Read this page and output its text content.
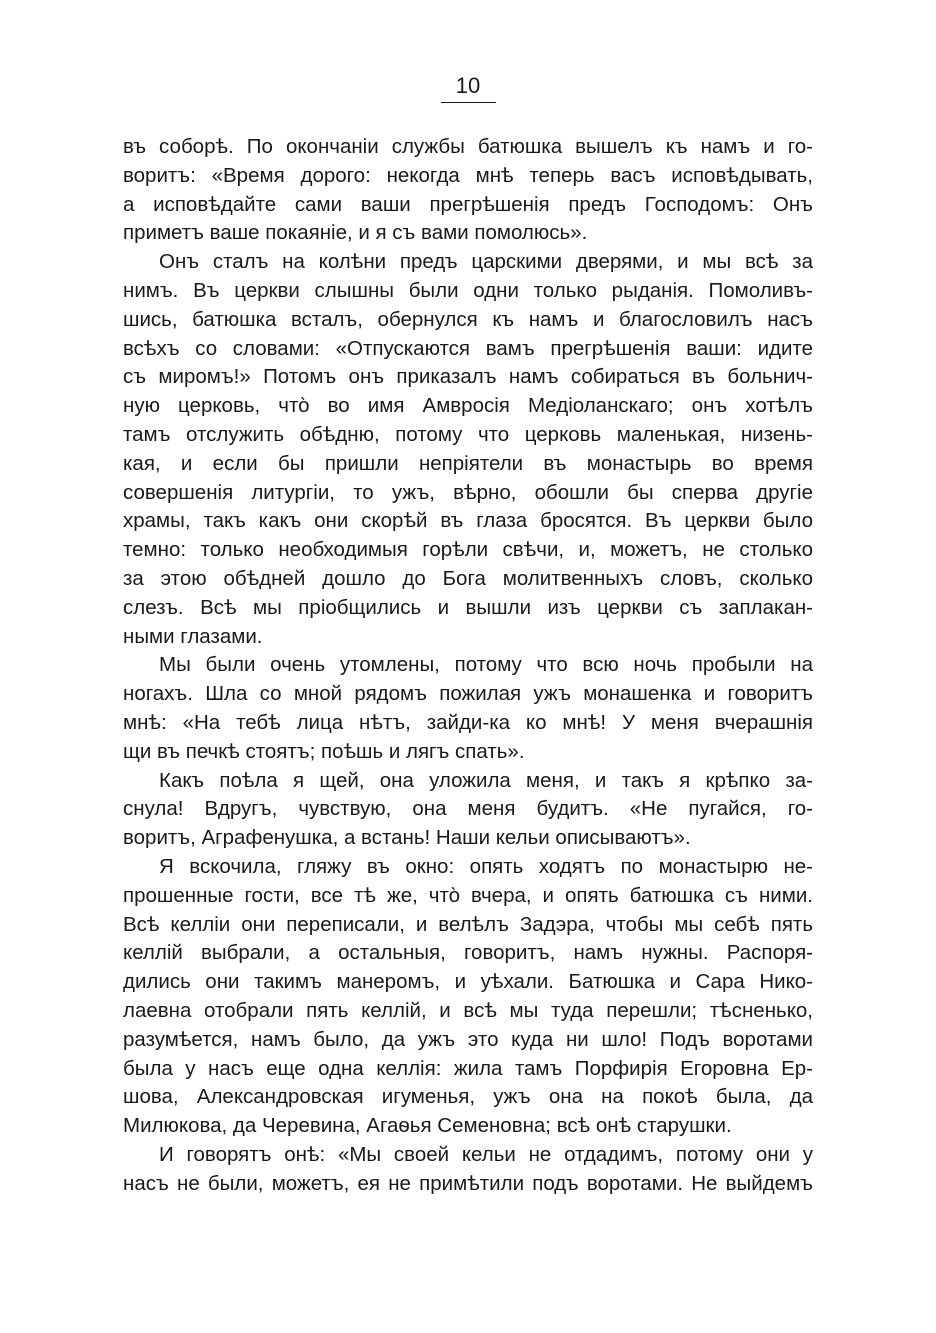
10
въ соборѣ. По окончаніи службы батюшка вышелъ къ намъ и го-
воритъ: «Время дорого: некогда мнѣ теперь васъ исповѣдывать,
а исповѣдайте сами ваши прегрѣшенія предъ Господомъ: Онъ
приметъ ваше покаяніе, и я съ вами помолюсь».
Онъ сталъ на колѣни предъ царскими дверями, и мы всѣ за
нимъ. Въ церкви слышны были одни только рыданія. Помоливъ-
шись, батюшка всталъ, обернулся къ намъ и благословилъ насъ
всѣхъ со словами: «Отпускаются вамъ прегрѣшенія ваши: идите
съ миромъ!» Потомъ онъ приказалъ намъ собираться въ больнич-
ную церковь, что̀ во имя Амвросія Медіоланскаго; онъ хотѣлъ
тамъ отслужить обѣдню, потому что церковь маленькая, низень-
кая, и если бы пришли непріятели въ монастырь во время
совершенія литургіи, то ужъ, вѣрно, обошли бы сперва другіе
храмы, такъ какъ они скорѣй въ глаза бросятся. Въ церкви было
темно: только необходимыя горѣли свѣчи, и, можетъ, не столько
за этою обѣдней дошло до Бога молитвенныхъ словъ, сколько
слезъ. Всѣ мы пріобщились и вышли изъ церкви съ заплакан-
ными глазами.
Мы были очень утомлены, потому что всю ночь пробыли на
ногахъ. Шла со мной рядомъ пожилая ужъ монашенка и говоритъ
мнѣ: «На тебѣ лица нѣтъ, зайди-ка ко мнѣ! У меня вчерашнія
щи въ печкѣ стоятъ; поѣшь и лягъ спать».
Какъ поѣла я щей, она уложила меня, и такъ я крѣпко за-
снула! Вдругъ, чувствую, она меня будитъ. «Не пугайся, го-
воритъ, Аграфенушка, а встань! Наши кельи описываютъ».
Я вскочила, гляжу въ окно: опять ходятъ по монастырю не-
прошенные гости, все тѣ же, что̀ вчера, и опять батюшка съ ними.
Всѣ келліи они переписали, и велѣлъ Задэра, чтобы мы себѣ пять
келлій выбрали, а остальныя, говоритъ, намъ нужны. Распоря-
дились они такимъ манеромъ, и уѣхали. Батюшка и Сара Нико-
лаевна отобрали пять келлій, и всѣ мы туда перешли; тѣсненько,
разумѣется, намъ было, да ужъ это куда ни шло! Подъ воротами
была у насъ еще одна келлія: жила тамъ Порфирія Егоровна Ер-
шова, Александровская игуменья, ужъ она на покоѣ была, да
Милюкова, да Черевина, Агаѳья Семеновна; всѣ онѣ старушки.
И говорятъ онѣ: «Мы своей кельи не отдадимъ, потому они у
насъ не были, можетъ, ея не примѣтили подъ воротами. Не выйдемъ
